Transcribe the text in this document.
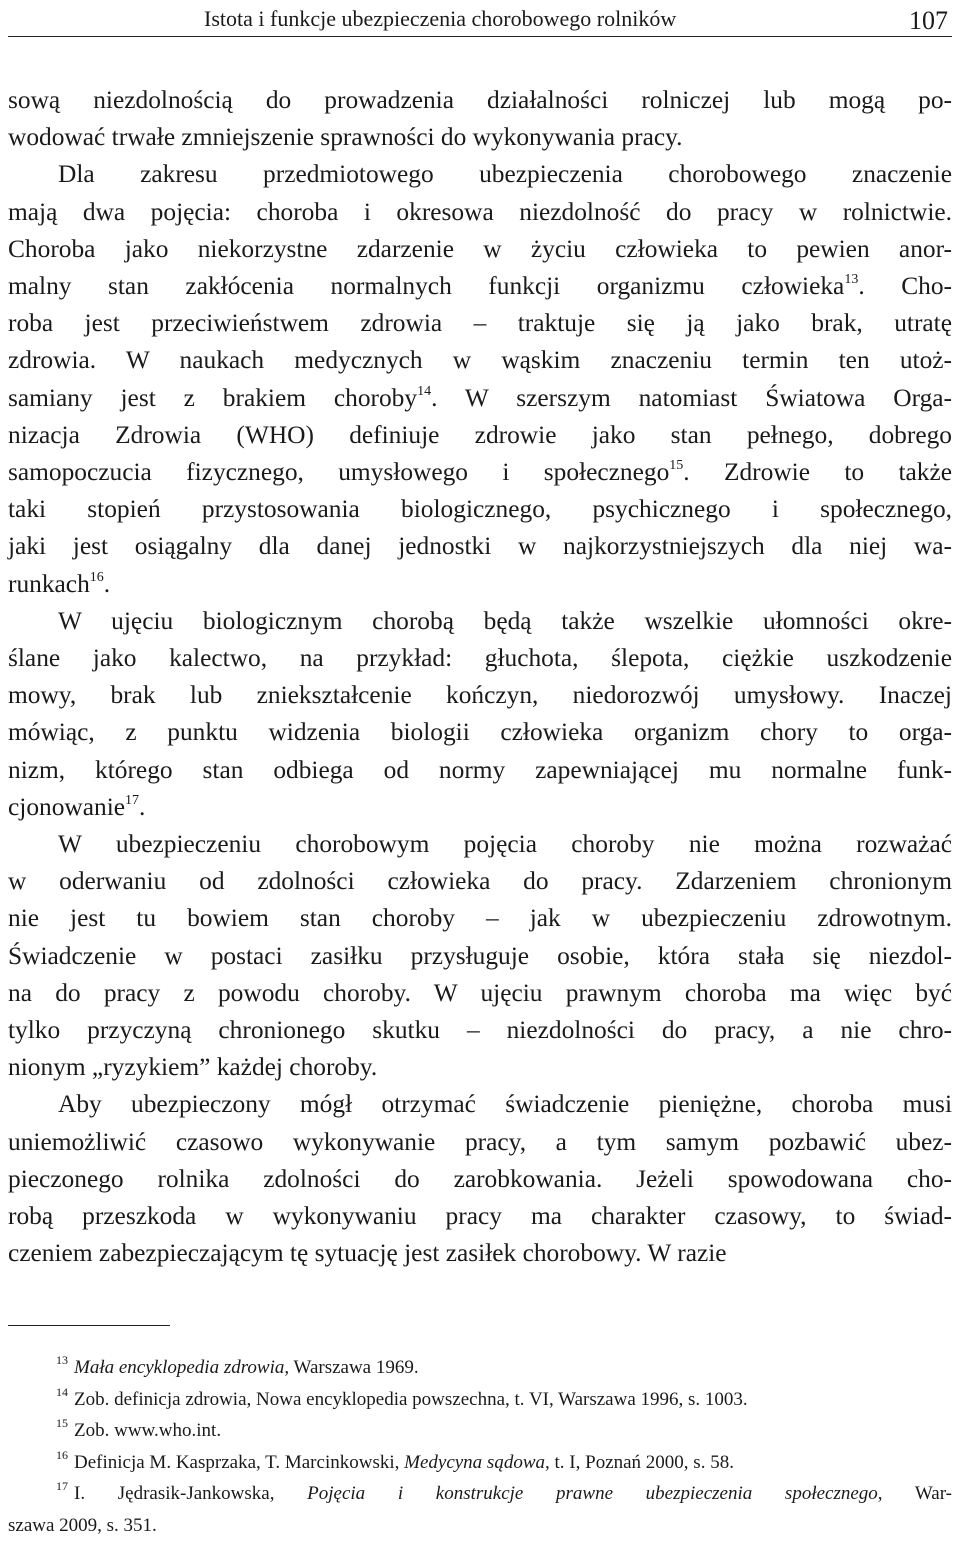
Istota i funkcje ubezpieczenia chorobowego rolników	107
sową niezdolnością do prowadzenia działalności rolniczej lub mogą po-
wodować trwałe zmniejszenie sprawności do wykonywania pracy.
Dla zakresu przedmiotowego ubezpieczenia chorobowego znaczenie
mają dwa pojęcia: choroba i okresowa niezdolność do pracy w rolnictwie.
Choroba jako niekorzystne zdarzenie w życiu człowieka to pewien anor-
malny stan zakłócenia normalnych funkcji organizmu człowieka$^{13}$. Cho-
roba jest przeciwieństwem zdrowia – traktuje się ją jako brak, utratę
zdrowia. W naukach medycznych w wąskim znaczeniu termin ten utoż-
samiany jest z brakiem choroby$^{14}$. W szerszym natomiast Światowa Orga-
nizacja Zdrowia (WHO) definiuje zdrowie jako stan pełnego, dobrego
samopoczucia fizycznego, umysłowego i społecznego$^{15}$. Zdrowie to także
taki stopień przystosowania biologicznego, psychicznego i społecznego,
jaki jest osiągalny dla danej jednostki w najkorzystniejszych dla niej wa-
runkach$^{16}$.
W ujęciu biologicznym chorobą będą także wszelkie ułomności okre-
ślane jako kalectwo, na przykład: głuchota, ślepota, ciężkie uszkodzenie
mowy, brak lub zniekształcenie kończyn, niedorozwój umysłowy. Inaczej
mówiąc, z punktu widzenia biologii człowieka organizm chory to orga-
nizm, którego stan odbiega od normy zapewniającej mu normalne funk-
cjonowanie$^{17}$.
W ubezpieczeniu chorobowym pojęcia choroby nie można rozważać
w oderwaniu od zdolności człowieka do pracy. Zdarzeniem chronionym
nie jest tu bowiem stan choroby – jak w ubezpieczeniu zdrowotnym.
Świadczenie w postaci zasiłku przysługuje osobie, która stała się niezdol-
na do pracy z powodu choroby. W ujęciu prawnym choroba ma więc być
tylko przyczyną chronionego skutku – niezdolności do pracy, a nie chro-
nionym „ryzykiem” każdej choroby.
Aby ubezpieczony mógł otrzymać świadczenie pieniężne, choroba musi
uniemożliwić czasowo wykonywanie pracy, a tym samym pozbawić ubez-
pieczonego rolnika zdolności do zarobkowania. Jeżeli spowodowana cho-
robą przeszkoda w wykonywaniu pracy ma charakter czasowy, to świad-
czeniem zabezpieczającym tę sytuację jest zasiłek chorobowy. W razie
$^{13}$ Mała encyklopedia zdrowia, Warszawa 1969.
$^{14}$ Zob. definicja zdrowia, Nowa encyklopedia powszechna, t. VI, Warszawa 1996, s. 1003.
$^{15}$ Zob. www.who.int.
$^{16}$ Definicja M. Kasprzaka, T. Marcinkowski, Medycyna sądowa, t. I, Poznań 2000, s. 58.
$^{17}$ I. Jędrasik-Jankowska, Pojęcia i konstrukcje prawne ubezpieczenia społecznego, War-
szawa 2009, s. 351.
